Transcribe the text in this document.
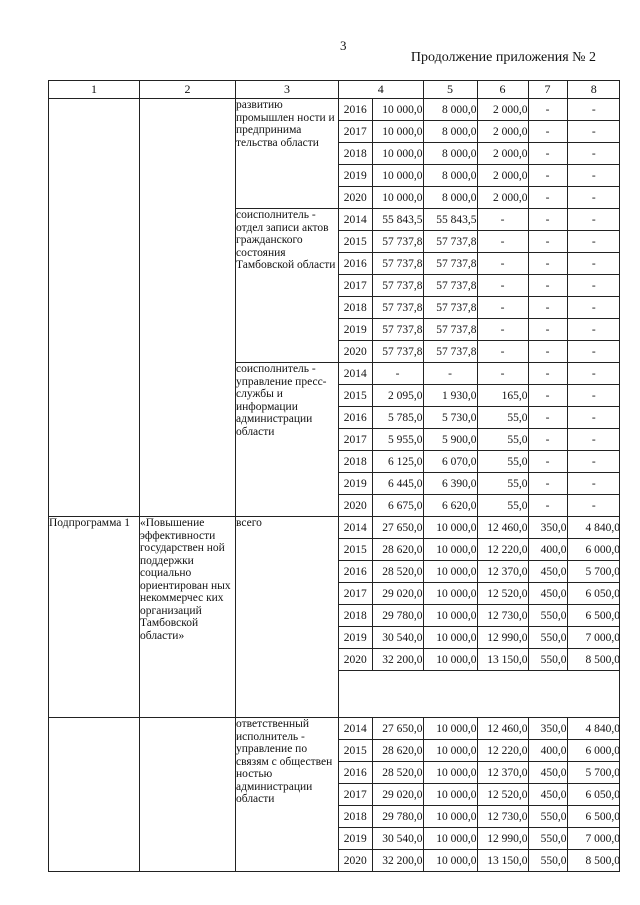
3
Продолжение приложения № 2
1	2	3		4	5	6	7	8

		развитию промышлен ности и предпринима тельства области	
2016	10 000,0	8 000,0	2 000,0	-	-
2017	10 000,0	8 000,0	2 000,0	-	-
2018	10 000,0	8 000,0	2 000,0	-	-
2019	10 000,0	8 000,0	2 000,0	-	-
2020	10 000,0	8 000,0	2 000,0	-	-

		соисполнитель - отдел записи актов гражданского состояния Тамбовской области	
2014	55 843,5	55 843,5	-	-	-
2015	57 737,8	57 737,8	-	-	-
2016	57 737,8	57 737,8	-	-	-
2017	57 737,8	57 737,8	-	-	-
2018	57 737,8	57 737,8	-	-	-
2019	57 737,8	57 737,8	-	-	-
2020	57 737,8	57 737,8	-	-	-

		соисполнитель - управление пресс-службы и информации администрации области	
2014	-	-	-	-	-
2015	2 095,0	1 930,0	165,0	-	-
2016	5 785,0	5 730,0	55,0	-	-
2017	5 955,0	5 900,0	55,0	-	-
2018	6 125,0	6 070,0	55,0	-	-
2019	6 445,0	6 390,0	55,0	-	-
2020	6 675,0	6 620,0	55,0	-	-

Подпрограмма 1	«Повышение эффективности государствен ной поддержки социально ориентирован ных некоммерчес ких организаций Тамбовской области»	всего		2014	27 650,0	10 000,0	12 460,0	350,0	4 840,0
2015	28 620,0	10 000,0	12 220,0	400,0	6 000,0
2016	28 520,0	10 000,0	12 370,0	450,0	5 700,0
2017	29 020,0	10 000,0	12 520,0	450,0	6 050,0
2018	29 780,0	10 000,0	12 730,0	550,0	6 500,0
2019	30 540,0	10 000,0	12 990,0	550,0	7 000,0
2020	32 200,0	10 000,0	13 150,0	550,0	8 500,0

		ответственный исполнитель - управление по связям с обществен ностью администрации области	
2014	27 650,0	10 000,0	12 460,0	350,0	4 840,0
2015	28 620,0	10 000,0	12 220,0	400,0	6 000,0
2016	28 520,0	10 000,0	12 370,0	450,0	5 700,0
2017	29 020,0	10 000,0	12 520,0	450,0	6 050,0
2018	29 780,0	10 000,0	12 730,0	550,0	6 500,0
2019	30 540,0	10 000,0	12 990,0	550,0	7 000,0
2020	32 200,0	10 000,0	13 150,0	550,0	8 500,0
